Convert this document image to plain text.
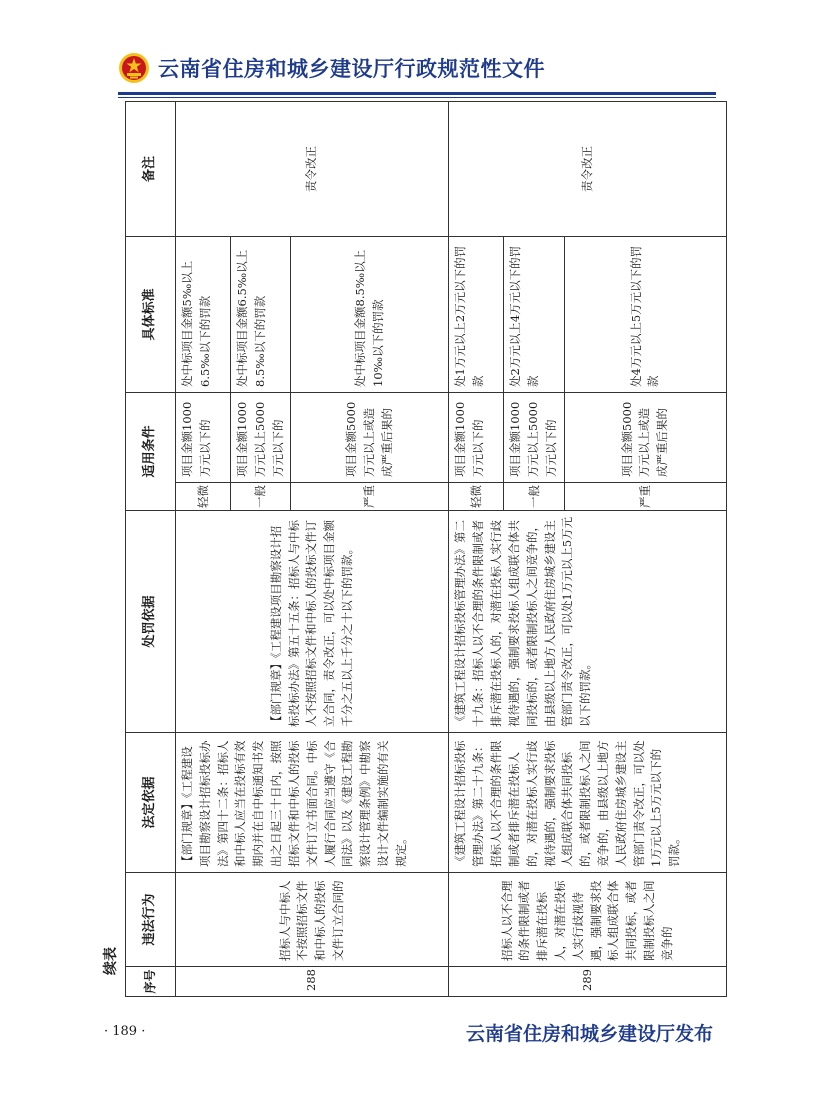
云南省住房和城乡建设厅行政规范性文件
续表
序号	违法行为	法定依据	处罚依据	适用条件		具体标准	备注
288	招标人与中标人不按照招标文件和中标人的投标文件订立合同的	【部门规章】《工程建设项目勘察设计招标投标办法》第四十二条：招标人和中标人应当在投标有效期内并在自中标通知书发出之日起三十日内，按照招标文件和中标人的投标文件订立书面合同。中标人履行合同应当遵守《合同法》以及《建设工程勘察设计管理条例》中勘察设计文件编制实施的有关规定。	【部门规章】《工程建设项目勘察设计招标投标办法》第五十五条：招标人与中标人不按照招标文件和中标人的投标文件订立合同，责令改正，可以处中标项目金额千分之五以上千分之十以下的罚款。	轻微	项目金额1000万元以下的	处中标项目金额5‰以上6.5‰以下的罚款	责令改正
				一般	项目金额1000万元以上5000万元以下的	处中标项目金额6.5‰以上8.5‰以下的罚款	
				严重	项目金额5000万元以上或造成严重后果的	处中标项目金额8.5‰以上10‰以下的罚款	
289	招标人以不合理的条件限制或者排斥潜在投标人，对潜在投标人实行歧视待遇，强制要求投标人组成联合体共同投标，或者限制投标人之间竞争的	《建筑工程设计招标投标管理办法》第二十九条：招标人以不合理的条件限制或者排斥潜在投标人的，对潜在投标人实行歧视待遇的，强制要求投标人组成联合体共同投标的，或者限制投标人之间竞争的，由县级以上地方人民政府住房城乡建设主管部门责令改正，可以处1万元以上5万元以下的罚款。	《建筑工程设计招标投标管理办法》第二十九条：招标人以不合理的条件限制或者排斥潜在投标人的，对潜在投标人实行歧视待遇的，强制要求投标人组成联合体共同投标的，或者限制投标人之间竞争的，由县级以上地方人民政府住房城乡建设主管部门责令改正，可以处1万元以上5万元以下的罚款。	轻微	项目金额1000万元以下的	处1万元以上2万元以下的罚款	责令改正
				一般	项目金额1000万元以上5000万元以下的	处2万元以上4万元以下的罚款	
				严重	项目金额5000万元以上或造成严重后果的	处4万元以上5万元以下的罚款	
· 189 ·	云南省住房和城乡建设厅发布
